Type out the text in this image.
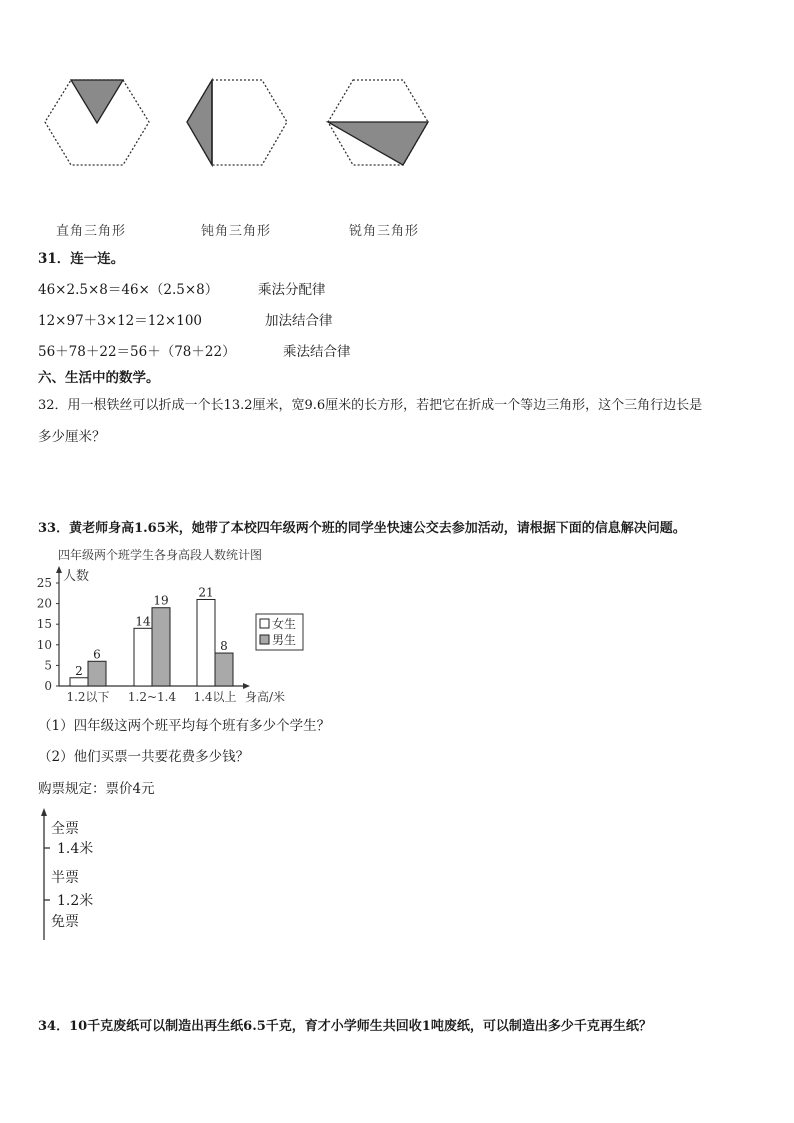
直角三角形	钝角三角形	锐角三角形
31．连一连。
46×2.5×8＝46×（2.5×8）	乘法分配律
12×97＋3×12＝12×100	加法结合律
56＋78＋22＝56＋（78＋22）	乘法结合律
六、生活中的数学。
32．用一根铁丝可以折成一个长13.2厘米，宽9.6厘米的长方形，若把它在折成一个等边三角形，这个三角行边长是
多少厘米？
33．黄老师身高1.65米，她带了本校四年级两个班的同学坐快速公交去参加活动，请根据下面的信息解决问题。
四年级两个班学生各身高段人数统计图
人数
身高/米
0
5
10
15
20
25
2
6
1.2以下
14
19
1.2~1.4
21
8
1.4以上
女生
男生
（1）四年级这两个班平均每个班有多少个学生？
（2）他们买票一共要花费多少钱？
购票规定：票价4元
全票
1.4米
半票
1.2米
免票
34．10千克废纸可以制造出再生纸6.5千克，育才小学师生共回收1吨废纸，可以制造出多少千克再生纸？
